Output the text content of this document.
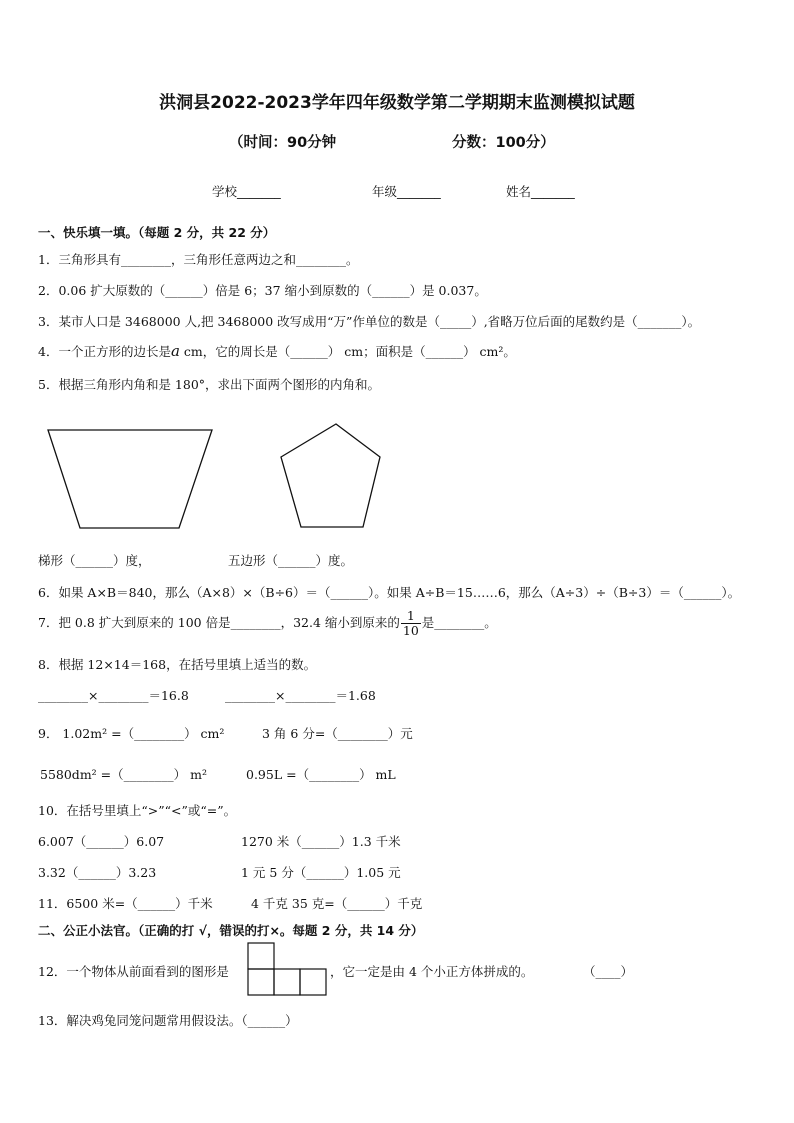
洪洞县2022-2023学年四年级数学第二学期期末监测模拟试题
（时间：90分钟	分数：100分）
学校_______	年级_______	姓名_______
一、快乐填一填。（每题 2 分，共 22 分）
1．三角形具有________，三角形任意两边之和________。
2．0.06 扩大原数的（______）倍是 6；37 缩小到原数的（______）是 0.037。
3．某市人口是 3468000 人,把 3468000 改写成用“万”作单位的数是（_____）,省略万位后面的尾数约是（_______）。
4．一个正方形的边长是a cm，它的周长是（______） cm；面积是（______） cm²。
5．根据三角形内角和是 180°，求出下面两个图形的内角和。
梯形（______）度，	五边形（______）度。
6．如果 A×B＝840，那么（A×8）×（B÷6）＝（______）。如果 A÷B＝15……6，那么（A÷3）÷（B÷3）＝（______）。
7．把 0.8 扩大到原来的 100 倍是________，32.4 缩小到原来的 $\frac{1}{10}$ 是________。
8．根据 12×14＝168，在括号里填上适当的数。
________×________＝16.8	________×________＝1.68
9． 1.02m² =（________） cm²	3 角 6 分=（________）元
5580dm² =（________） m²	0.95L =（________） mL
10．在括号里填上“>”“<”或“=”。
6.007（______）6.07	1270 米（______）1.3 千米
3.32（______）3.23	1 元 5 分（______）1.05 元
11．6500 米=（______）千米	4 千克 35 克=（______）千克
二、公正小法官。（正确的打 √，错误的打×。每题 2 分，共 14 分）
12．一个物体从前面看到的图形是	，它一定是由 4 个小正方体拼成的。	（____）
13．解决鸡兔同笼问题常用假设法。（______）
